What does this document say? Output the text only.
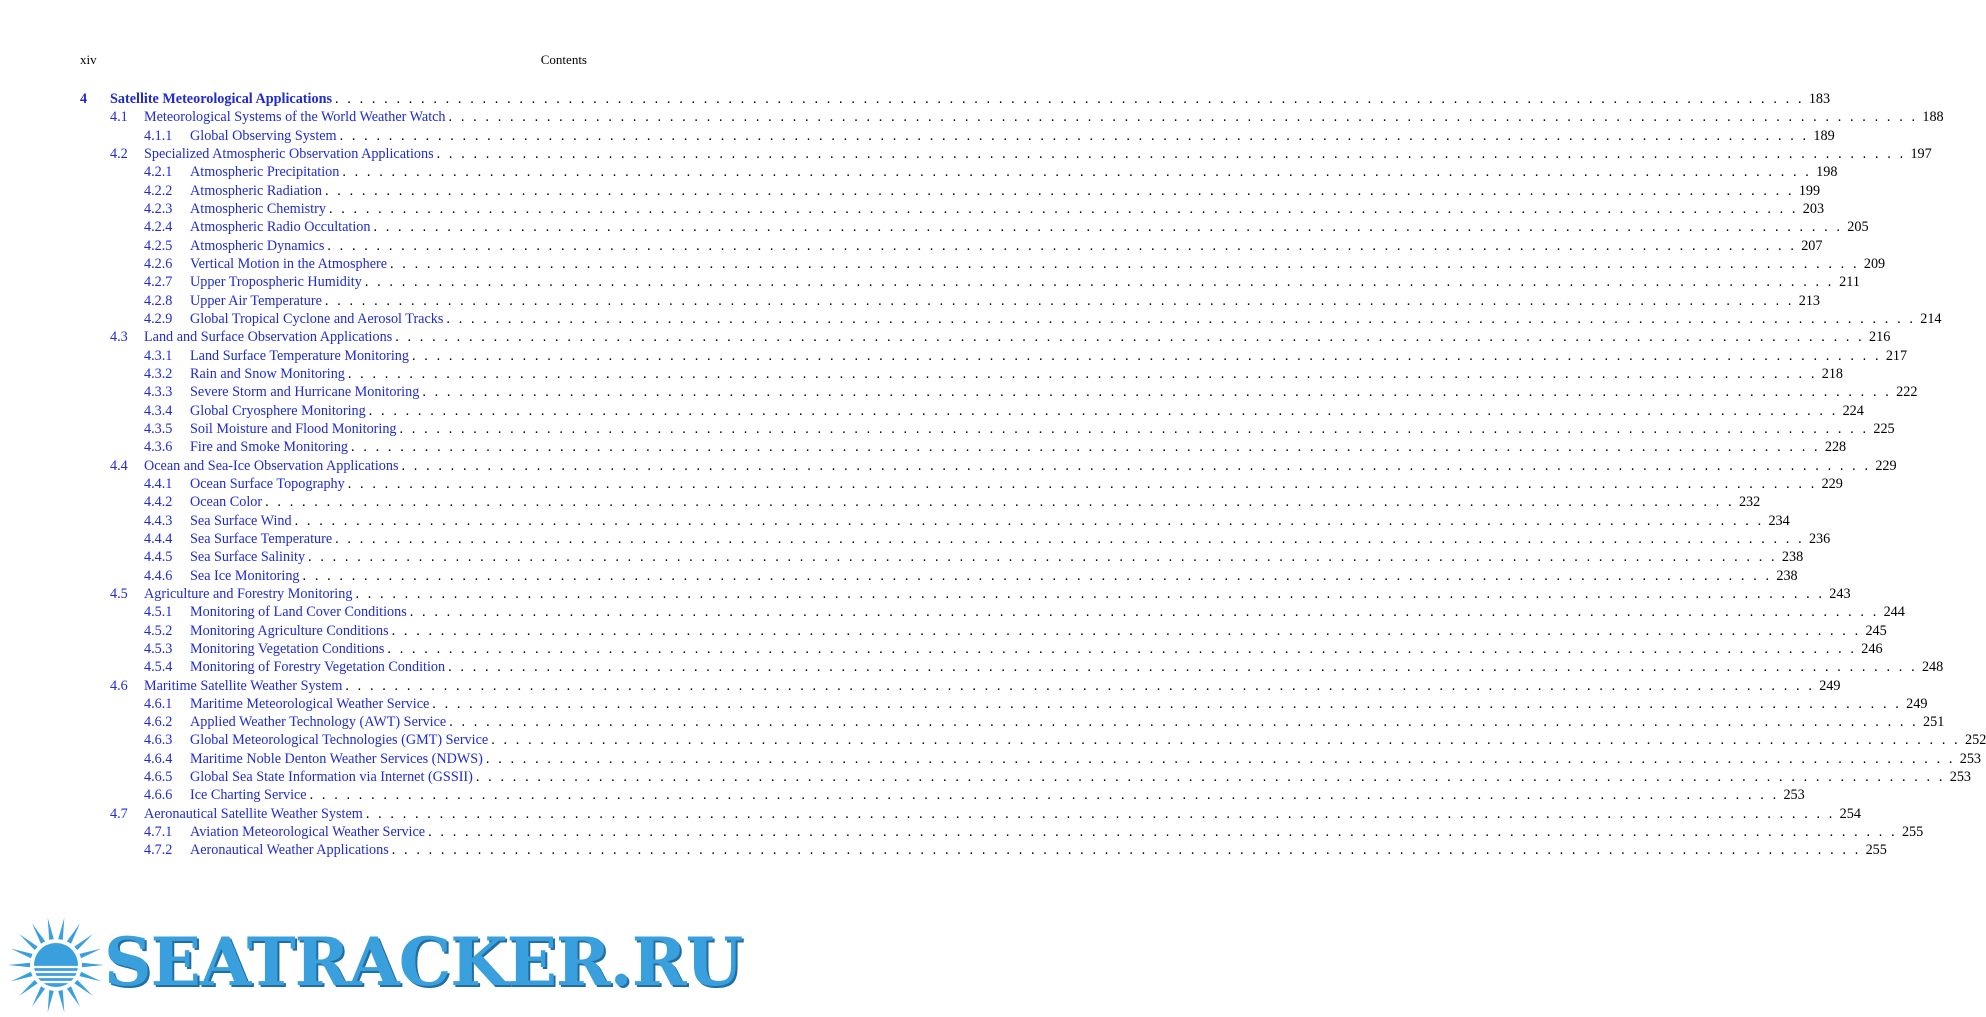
xiv	Contents
4 Satellite Meteorological Applications . . . . . . . . . . . . . . . . . . . . . . . . . . . . . . . . . . . . . . . . . . . . . . . . . . . . . . . . . . . . . . . . . . . . . . . . . . . . . . . . . . . . . . . . . . . . . . . . . . . . . . . . . . . . . . . . . . . . . . . . 183
4.1 Meteorological Systems of the World Weather Watch . . . . . . . . . . . . . . . . . . . . . . . . . . . . . . . . . . . . . . . . . . . . . . . . . . . . . . . . . . . . . . . . . . . . . . . . . . . . . . . . . . . . . . . . . . . . . . . . . . . . . . . . . . . . . . . . . . . . . . . . 188
4.1.1 Global Observing System . . . . . . . . . . . . . . . . . . . . . . . . . . . . . . . . . . . . . . . . . . . . . . . . . . . . . . . . . . . . . . . . . . . . . . . . . . . . . . . . . . . . . . . . . . . . . . . . . . . . . . . . . . . . . . . . . . . . . . . . 189
4.2 Specialized Atmospheric Observation Applications . . . . . . . . . . . . . . . . . . . . . . . . . . . . . . . . . . . . . . . . . . . . . . . . . . . . . . . . . . . . . . . . . . . . . . . . . . . . . . . . . . . . . . . . . . . . . . . . . . . . . . . . . . . . . . . . . . . . . . . . 197
4.2.1 Atmospheric Precipitation . . . . . . . . . . . . . . . . . . . . . . . . . . . . . . . . . . . . . . . . . . . . . . . . . . . . . . . . . . . . . . . . . . . . . . . . . . . . . . . . . . . . . . . . . . . . . . . . . . . . . . . . . . . . . . . . . . . . . . . . 198
4.2.2 Atmospheric Radiation . . . . . . . . . . . . . . . . . . . . . . . . . . . . . . . . . . . . . . . . . . . . . . . . . . . . . . . . . . . . . . . . . . . . . . . . . . . . . . . . . . . . . . . . . . . . . . . . . . . . . . . . . . . . . . . . . . . . . . . . 199
4.2.3 Atmospheric Chemistry . . . . . . . . . . . . . . . . . . . . . . . . . . . . . . . . . . . . . . . . . . . . . . . . . . . . . . . . . . . . . . . . . . . . . . . . . . . . . . . . . . . . . . . . . . . . . . . . . . . . . . . . . . . . . . . . . . . . . . . . 203
4.2.4 Atmospheric Radio Occultation . . . . . . . . . . . . . . . . . . . . . . . . . . . . . . . . . . . . . . . . . . . . . . . . . . . . . . . . . . . . . . . . . . . . . . . . . . . . . . . . . . . . . . . . . . . . . . . . . . . . . . . . . . . . . . . . . . . . . . . . 205
4.2.5 Atmospheric Dynamics . . . . . . . . . . . . . . . . . . . . . . . . . . . . . . . . . . . . . . . . . . . . . . . . . . . . . . . . . . . . . . . . . . . . . . . . . . . . . . . . . . . . . . . . . . . . . . . . . . . . . . . . . . . . . . . . . . . . . . . . 207
4.2.6 Vertical Motion in the Atmosphere . . . . . . . . . . . . . . . . . . . . . . . . . . . . . . . . . . . . . . . . . . . . . . . . . . . . . . . . . . . . . . . . . . . . . . . . . . . . . . . . . . . . . . . . . . . . . . . . . . . . . . . . . . . . . . . . . . . . . . . . 209
4.2.7 Upper Tropospheric Humidity . . . . . . . . . . . . . . . . . . . . . . . . . . . . . . . . . . . . . . . . . . . . . . . . . . . . . . . . . . . . . . . . . . . . . . . . . . . . . . . . . . . . . . . . . . . . . . . . . . . . . . . . . . . . . . . . . . . . . . . . 211
4.2.8 Upper Air Temperature . . . . . . . . . . . . . . . . . . . . . . . . . . . . . . . . . . . . . . . . . . . . . . . . . . . . . . . . . . . . . . . . . . . . . . . . . . . . . . . . . . . . . . . . . . . . . . . . . . . . . . . . . . . . . . . . . . . . . . . . 213
4.2.9 Global Tropical Cyclone and Aerosol Tracks . . . . . . . . . . . . . . . . . . . . . . . . . . . . . . . . . . . . . . . . . . . . . . . . . . . . . . . . . . . . . . . . . . . . . . . . . . . . . . . . . . . . . . . . . . . . . . . . . . . . . . . . . . . . . . . . . . . . . . . . 214
4.3 Land and Surface Observation Applications . . . . . . . . . . . . . . . . . . . . . . . . . . . . . . . . . . . . . . . . . . . . . . . . . . . . . . . . . . . . . . . . . . . . . . . . . . . . . . . . . . . . . . . . . . . . . . . . . . . . . . . . . . . . . . . . . . . . . . . . 216
4.3.1 Land Surface Temperature Monitoring . . . . . . . . . . . . . . . . . . . . . . . . . . . . . . . . . . . . . . . . . . . . . . . . . . . . . . . . . . . . . . . . . . . . . . . . . . . . . . . . . . . . . . . . . . . . . . . . . . . . . . . . . . . . . . . . . . . . . . . . 217
4.3.2 Rain and Snow Monitoring . . . . . . . . . . . . . . . . . . . . . . . . . . . . . . . . . . . . . . . . . . . . . . . . . . . . . . . . . . . . . . . . . . . . . . . . . . . . . . . . . . . . . . . . . . . . . . . . . . . . . . . . . . . . . . . . . . . . . . . . 218
4.3.3 Severe Storm and Hurricane Monitoring . . . . . . . . . . . . . . . . . . . . . . . . . . . . . . . . . . . . . . . . . . . . . . . . . . . . . . . . . . . . . . . . . . . . . . . . . . . . . . . . . . . . . . . . . . . . . . . . . . . . . . . . . . . . . . . . . . . . . . . . 222
4.3.4 Global Cryosphere Monitoring . . . . . . . . . . . . . . . . . . . . . . . . . . . . . . . . . . . . . . . . . . . . . . . . . . . . . . . . . . . . . . . . . . . . . . . . . . . . . . . . . . . . . . . . . . . . . . . . . . . . . . . . . . . . . . . . . . . . . . . . 224
4.3.5 Soil Moisture and Flood Monitoring . . . . . . . . . . . . . . . . . . . . . . . . . . . . . . . . . . . . . . . . . . . . . . . . . . . . . . . . . . . . . . . . . . . . . . . . . . . . . . . . . . . . . . . . . . . . . . . . . . . . . . . . . . . . . . . . . . . . . . . . 225
4.3.6 Fire and Smoke Monitoring . . . . . . . . . . . . . . . . . . . . . . . . . . . . . . . . . . . . . . . . . . . . . . . . . . . . . . . . . . . . . . . . . . . . . . . . . . . . . . . . . . . . . . . . . . . . . . . . . . . . . . . . . . . . . . . . . . . . . . . . 228
4.4 Ocean and Sea-Ice Observation Applications . . . . . . . . . . . . . . . . . . . . . . . . . . . . . . . . . . . . . . . . . . . . . . . . . . . . . . . . . . . . . . . . . . . . . . . . . . . . . . . . . . . . . . . . . . . . . . . . . . . . . . . . . . . . . . . . . . . . . . . . 229
4.4.1 Ocean Surface Topography . . . . . . . . . . . . . . . . . . . . . . . . . . . . . . . . . . . . . . . . . . . . . . . . . . . . . . . . . . . . . . . . . . . . . . . . . . . . . . . . . . . . . . . . . . . . . . . . . . . . . . . . . . . . . . . . . . . . . . . . 229
4.4.2 Ocean Color . . . . . . . . . . . . . . . . . . . . . . . . . . . . . . . . . . . . . . . . . . . . . . . . . . . . . . . . . . . . . . . . . . . . . . . . . . . . . . . . . . . . . . . . . . . . . . . . . . . . . . . . . . . . . . . . . . . . . . . . 232
4.4.3 Sea Surface Wind . . . . . . . . . . . . . . . . . . . . . . . . . . . . . . . . . . . . . . . . . . . . . . . . . . . . . . . . . . . . . . . . . . . . . . . . . . . . . . . . . . . . . . . . . . . . . . . . . . . . . . . . . . . . . . . . . . . . . . . . 234
4.4.4 Sea Surface Temperature . . . . . . . . . . . . . . . . . . . . . . . . . . . . . . . . . . . . . . . . . . . . . . . . . . . . . . . . . . . . . . . . . . . . . . . . . . . . . . . . . . . . . . . . . . . . . . . . . . . . . . . . . . . . . . . . . . . . . . . . 236
4.4.5 Sea Surface Salinity . . . . . . . . . . . . . . . . . . . . . . . . . . . . . . . . . . . . . . . . . . . . . . . . . . . . . . . . . . . . . . . . . . . . . . . . . . . . . . . . . . . . . . . . . . . . . . . . . . . . . . . . . . . . . . . . . . . . . . . . 238
4.4.6 Sea Ice Monitoring . . . . . . . . . . . . . . . . . . . . . . . . . . . . . . . . . . . . . . . . . . . . . . . . . . . . . . . . . . . . . . . . . . . . . . . . . . . . . . . . . . . . . . . . . . . . . . . . . . . . . . . . . . . . . . . . . . . . . . . . 238
4.5 Agriculture and Forestry Monitoring . . . . . . . . . . . . . . . . . . . . . . . . . . . . . . . . . . . . . . . . . . . . . . . . . . . . . . . . . . . . . . . . . . . . . . . . . . . . . . . . . . . . . . . . . . . . . . . . . . . . . . . . . . . . . . . . . . . . . . . . 243
4.5.1 Monitoring of Land Cover Conditions . . . . . . . . . . . . . . . . . . . . . . . . . . . . . . . . . . . . . . . . . . . . . . . . . . . . . . . . . . . . . . . . . . . . . . . . . . . . . . . . . . . . . . . . . . . . . . . . . . . . . . . . . . . . . . . . . . . . . . . . 244
4.5.2 Monitoring Agriculture Conditions . . . . . . . . . . . . . . . . . . . . . . . . . . . . . . . . . . . . . . . . . . . . . . . . . . . . . . . . . . . . . . . . . . . . . . . . . . . . . . . . . . . . . . . . . . . . . . . . . . . . . . . . . . . . . . . . . . . . . . . . 245
4.5.3 Monitoring Vegetation Conditions . . . . . . . . . . . . . . . . . . . . . . . . . . . . . . . . . . . . . . . . . . . . . . . . . . . . . . . . . . . . . . . . . . . . . . . . . . . . . . . . . . . . . . . . . . . . . . . . . . . . . . . . . . . . . . . . . . . . . . . . 246
4.5.4 Monitoring of Forestry Vegetation Condition . . . . . . . . . . . . . . . . . . . . . . . . . . . . . . . . . . . . . . . . . . . . . . . . . . . . . . . . . . . . . . . . . . . . . . . . . . . . . . . . . . . . . . . . . . . . . . . . . . . . . . . . . . . . . . . . . . . . . . . . 248
4.6 Maritime Satellite Weather System . . . . . . . . . . . . . . . . . . . . . . . . . . . . . . . . . . . . . . . . . . . . . . . . . . . . . . . . . . . . . . . . . . . . . . . . . . . . . . . . . . . . . . . . . . . . . . . . . . . . . . . . . . . . . . . . . . . . . . . . 249
4.6.1 Maritime Meteorological Weather Service . . . . . . . . . . . . . . . . . . . . . . . . . . . . . . . . . . . . . . . . . . . . . . . . . . . . . . . . . . . . . . . . . . . . . . . . . . . . . . . . . . . . . . . . . . . . . . . . . . . . . . . . . . . . . . . . . . . . . . . . 249
4.6.2 Applied Weather Technology (AWT) Service . . . . . . . . . . . . . . . . . . . . . . . . . . . . . . . . . . . . . . . . . . . . . . . . . . . . . . . . . . . . . . . . . . . . . . . . . . . . . . . . . . . . . . . . . . . . . . . . . . . . . . . . . . . . . . . . . . . . . . . . 251
4.6.3 Global Meteorological Technologies (GMT) Service . . . . . . . . . . . . . . . . . . . . . . . . . . . . . . . . . . . . . . . . . . . . . . . . . . . . . . . . . . . . . . . . . . . . . . . . . . . . . . . . . . . . . . . . . . . . . . . . . . . . . . . . . . . . . . . . . . . . . . . . 252
4.6.4 Maritime Noble Denton Weather Services (NDWS) . . . . . . . . . . . . . . . . . . . . . . . . . . . . . . . . . . . . . . . . . . . . . . . . . . . . . . . . . . . . . . . . . . . . . . . . . . . . . . . . . . . . . . . . . . . . . . . . . . . . . . . . . . . . . . . . . . . . . . . . 253
4.6.5 Global Sea State Information via Internet (GSSII) . . . . . . . . . . . . . . . . . . . . . . . . . . . . . . . . . . . . . . . . . . . . . . . . . . . . . . . . . . . . . . . . . . . . . . . . . . . . . . . . . . . . . . . . . . . . . . . . . . . . . . . . . . . . . . . . . . . . . . . . 253
4.6.6 Ice Charting Service . . . . . . . . . . . . . . . . . . . . . . . . . . . . . . . . . . . . . . . . . . . . . . . . . . . . . . . . . . . . . . . . . . . . . . . . . . . . . . . . . . . . . . . . . . . . . . . . . . . . . . . . . . . . . . . . . . . . . . . . 253
4.7 Aeronautical Satellite Weather System . . . . . . . . . . . . . . . . . . . . . . . . . . . . . . . . . . . . . . . . . . . . . . . . . . . . . . . . . . . . . . . . . . . . . . . . . . . . . . . . . . . . . . . . . . . . . . . . . . . . . . . . . . . . . . . . . . . . . . . . 254
4.7.1 Aviation Meteorological Weather Service . . . . . . . . . . . . . . . . . . . . . . . . . . . . . . . . . . . . . . . . . . . . . . . . . . . . . . . . . . . . . . . . . . . . . . . . . . . . . . . . . . . . . . . . . . . . . . . . . . . . . . . . . . . . . . . . . . . . . . . . 255
4.7.2 Aeronautical Weather Applications . . . . . . . . . . . . . . . . . . . . . . . . . . . . . . . . . . . . . . . . . . . . . . . . . . . . . . . . . . . . . . . . . . . . . . . . . . . . . . . . . . . . . . . . . . . . . . . . . . . . . . . . . . . . . . . . . . . . . . . . 255
SEATRACKER.RU
